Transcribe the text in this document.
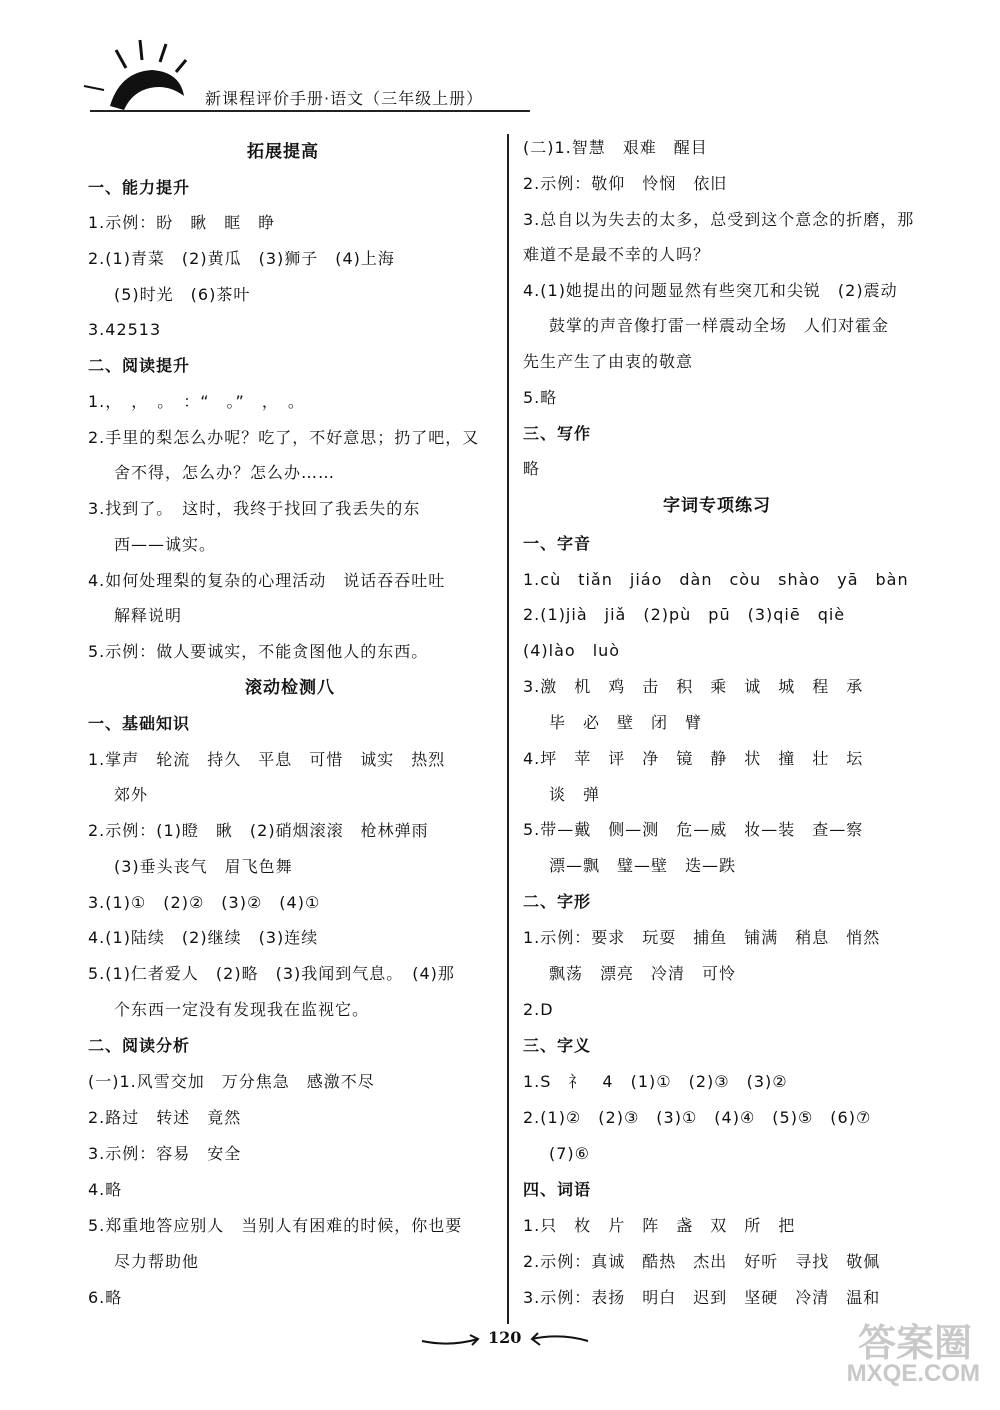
新课程评价手册·语文（三年级上册）
拓展提高
一、能力提升
1.示例：盼　瞅　眶　睁
2.(1)青菜　(2)黄瓜　(3)狮子　(4)上海
(5)时光　(6)茶叶
3.42513
二、阅读提升
1.，　，　。　：“　。”　，　。
2.手里的梨怎么办呢？吃了，不好意思；扔了吧，又
舍不得，怎么办？怎么办……
3.找到了。　这时，我终于找回了我丢失的东
西——诚实。
4.如何处理梨的复杂的心理活动　说话吞吞吐吐
解释说明
5.示例：做人要诚实，不能贪图他人的东西。
滚动检测八
一、基础知识
1.掌声　轮流　持久　平息　可惜　诚实　热烈
郊外
2.示例：(1)瞪　瞅　(2)硝烟滚滚　枪林弹雨
(3)垂头丧气　眉飞色舞
3.(1)①　(2)②　(3)②　(4)①
4.(1)陆续　(2)继续　(3)连续
5.(1)仁者爱人　(2)略　(3)我闻到气息。　(4)那
个东西一定没有发现我在监视它。
二、阅读分析
(一)1.风雪交加　万分焦急　感激不尽
2.路过　转述　竟然
3.示例：容易　安全
4.略
5.郑重地答应别人　当别人有困难的时候，你也要
尽力帮助他
6.略
(二)1.智慧　艰难　醒目
2.示例：敬仰　怜悯　依旧
3.总自以为失去的太多，总受到这个意念的折磨，那
难道不是最不幸的人吗？
4.(1)她提出的问题显然有些突兀和尖锐　(2)震动
鼓掌的声音像打雷一样震动全场　人们对霍金
先生产生了由衷的敬意
5.略
三、写作
略
字词专项练习
一、字音
1.cù　tiǎn　jiáo　dàn　còu　shào　yā　bàn
2.(1)jià　jiǎ　(2)pù　pū　(3)qiē　qiè
(4)lào　luò
3.激　机　鸡　击　积　乘　诚　城　程　承
毕　必　壁　闭　臂
4.坪　苹　评　净　镜　静　状　撞　壮　坛
谈　弹
5.带—戴　侧—测　危—威　妆—装　查—察
漂—飘　璧—壁　迭—跌
二、字形
1.示例：要求　玩耍　捕鱼　铺满　稍息　悄然
飘荡　漂亮　冷清　可怜
2.D
三、字义
1.S　礻　4　(1)①　(2)③　(3)②
2.(1)②　(2)③　(3)①　(4)④　(5)⑤　(6)⑦
(7)⑥
四、词语
1.只　枚　片　阵　盏　双　所　把
2.示例：真诚　酷热　杰出　好听　寻找　敬佩
3.示例：表扬　明白　迟到　坚硬　冷清　温和
120	答案圈
MXQE.COM
